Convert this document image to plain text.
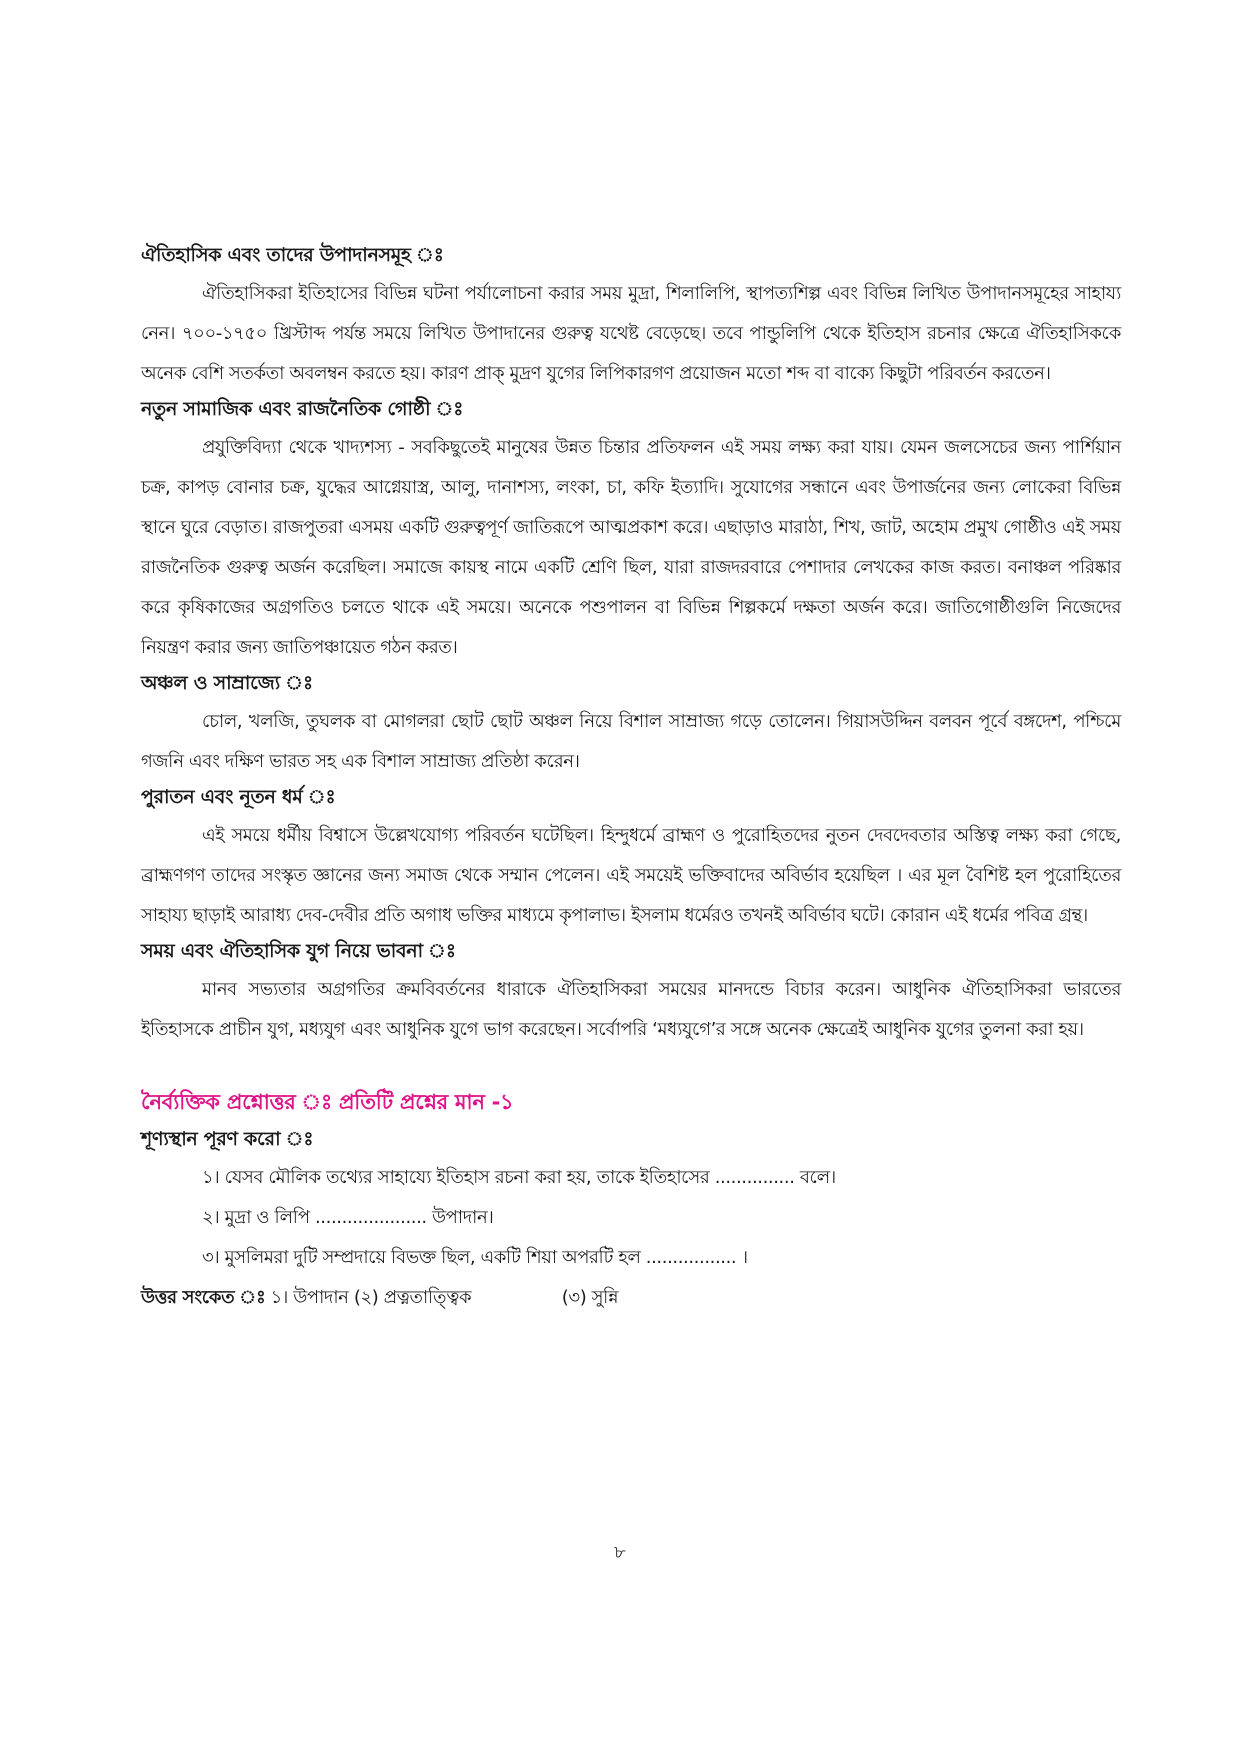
ঐতিহাসিক এবং তাদের উপাদানসমূহ ঃ

ঐতিহাসিকরা ইতিহাসের বিভিন্ন ঘটনা পর্যালোচনা করার সময় মুদ্রা, শিলালিপি, স্থাপত্যশিল্প এবং বিভিন্ন লিখিত উপাদানসমূহের সাহায্য নেন। ৭০০-১৭৫০ খ্রিস্টাব্দ পর্যন্ত সময়ে লিখিত উপাদানের গুরুত্ব যথেষ্ট বেড়েছে। তবে পান্ডুলিপি থেকে ইতিহাস রচনার ক্ষেত্রে ঐতিহাসিককে অনেক বেশি সতর্কতা অবলম্বন করতে হয়। কারণ প্রাক্ মুদ্রণ যুগের লিপিকারগণ প্রয়োজন মতো শব্দ বা বাক্যে কিছুটা পরিবর্তন করতেন।

নতুন সামাজিক এবং রাজনৈতিক গোষ্ঠী ঃ

প্রযুক্তিবিদ্যা থেকে খাদ্যশস্য - সবকিছুতেই মানুষের উন্নত চিন্তার প্রতিফলন এই সময় লক্ষ্য করা যায়। যেমন জলসেচের জন্য পার্শিয়ান চক্র, কাপড় বোনার চক্র, যুদ্ধের আগ্নেয়াস্ত্র, আলু, দানাশস্য, লংকা, চা, কফি ইত্যাদি। সুযোগের সন্ধানে এবং উপার্জনের জন্য লোকেরা বিভিন্ন স্থানে ঘুরে বেড়াত। রাজপুতরা এসময় একটি গুরুত্বপূর্ণ জাতিরূপে আত্মপ্রকাশ করে। এছাড়াও মারাঠা, শিখ, জাট, অহোম প্রমুখ গোষ্ঠীও এই সময় রাজনৈতিক গুরুত্ব অর্জন করেছিল। সমাজে কায়স্থ নামে একটি শ্রেণি ছিল, যারা রাজদরবারে পেশাদার লেখকের কাজ করত। বনাঞ্চল পরিষ্কার করে কৃষিকাজের অগ্রগতিও চলতে থাকে এই সময়ে। অনেকে পশুপালন বা বিভিন্ন শিল্পকর্মে দক্ষতা অর্জন করে। জাতিগোষ্ঠীগুলি নিজেদের নিয়ন্ত্রণ করার জন্য জাতিপঞ্চায়েত গঠন করত।

অঞ্চল ও সাম্রাজ্যে ঃ

চোল, খলজি, তুঘলক বা মোগলরা ছোট ছোট অঞ্চল নিয়ে বিশাল সাম্রাজ্য গড়ে তোলেন। গিয়াসউদ্দিন বলবন পূর্বে বঙ্গদেশ, পশ্চিমে গজনি এবং দক্ষিণ ভারত সহ এক বিশাল সাম্রাজ্য প্রতিষ্ঠা করেন।

পুরাতন এবং নূতন ধর্ম ঃ

এই সময়ে ধর্মীয় বিশ্বাসে উল্লেখযোগ্য পরিবর্তন ঘটেছিল। হিন্দুধর্মে ব্রাহ্মণ ও পুরোহিতদের নুতন দেবদেবতার অস্তিত্ব লক্ষ্য করা গেছে, ব্রাহ্মণগণ তাদের সংস্কৃত জ্ঞানের জন্য সমাজ থেকে সম্মান পেলেন। এই সময়েই ভক্তিবাদের অবির্ভাব হয়েছিল । এর মূল বৈশিষ্ট হল পুরোহিতের সাহায্য ছাড়াই আরাধ্য দেব-দেবীর প্রতি অগাধ ভক্তির মাধ্যমে কৃপালাভ। ইসলাম ধর্মেরও তখনই অবির্ভাব ঘটে। কোরান এই ধর্মের পবিত্র গ্রন্থ।

সময় এবং ঐতিহাসিক যুগ নিয়ে ভাবনা ঃ

মানব সভ্যতার অগ্রগতির ক্রমবিবর্তনের ধারাকে ঐতিহাসিকরা সময়ের মানদন্ডে বিচার করেন। আধুনিক ঐতিহাসিকরা ভারতের ইতিহাসকে প্রাচীন যুগ, মধ্যযুগ এবং আধুনিক যুগে ভাগ করেছেন। সর্বোপরি ‘মধ্যযুগে’র সঙ্গে অনেক ক্ষেত্রেই আধুনিক যুগের তুলনা করা হয়।

নৈর্ব্যক্তিক প্রশ্নোত্তর ঃ প্রতিটি প্রশ্নের মান -১
শূণ্যস্থান পূরণ করো ঃ

১। যেসব মৌলিক তথ্যের সাহায্যে ইতিহাস রচনা করা হয়, তাকে ইতিহাসের ............... বলে।

২। মুদ্রা ও লিপি ..................... উপাদান।

৩। মুসলিমরা দুটি সম্প্রদায়ে বিভক্ত ছিল, একটি শিয়া অপরটি হল ................. ।

উত্তর সংকেত ঃ ১। উপাদান (২) প্রত্নতাত্ত্বিক	(৩) সুন্নি

৮
